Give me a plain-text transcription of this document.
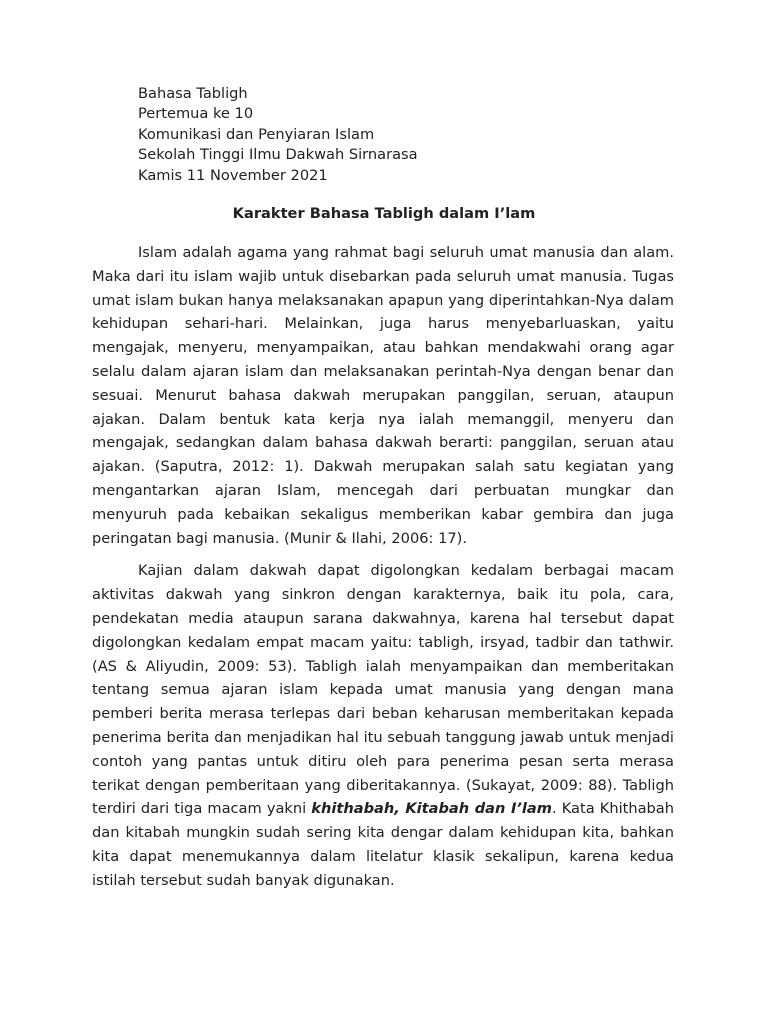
Bahasa Tabligh
Pertemua ke 10
Komunikasi dan Penyiaran Islam
Sekolah Tinggi Ilmu Dakwah Sirnarasa
Kamis 11 November 2021
Karakter Bahasa Tabligh dalam I’lam

Islam adalah agama yang rahmat bagi seluruh umat manusia dan alam. Maka dari itu islam wajib untuk disebarkan pada seluruh umat manusia. Tugas umat islam bukan hanya melaksanakan apapun yang diperintahkan-Nya dalam kehidupan sehari-hari. Melainkan, juga harus menyebarluaskan, yaitu mengajak, menyeru, menyampaikan, atau bahkan mendakwahi orang agar selalu dalam ajaran islam dan melaksanakan perintah-Nya dengan benar dan sesuai. Menurut bahasa dakwah merupakan panggilan, seruan, ataupun ajakan. Dalam bentuk kata kerja nya ialah memanggil, menyeru dan mengajak, sedangkan dalam bahasa dakwah berarti: panggilan, seruan atau ajakan. (Saputra, 2012: 1). Dakwah merupakan salah satu kegiatan yang mengantarkan ajaran Islam, mencegah dari perbuatan mungkar dan menyuruh pada kebaikan sekaligus memberikan kabar gembira dan juga peringatan bagi manusia. (Munir & Ilahi, 2006: 17).

Kajian dalam dakwah dapat digolongkan kedalam berbagai macam aktivitas dakwah yang sinkron dengan karakternya, baik itu pola, cara, pendekatan media ataupun sarana dakwahnya, karena hal tersebut dapat digolongkan kedalam empat macam yaitu: tabligh, irsyad, tadbir dan tathwir. (AS & Aliyudin, 2009: 53). Tabligh ialah menyampaikan dan memberitakan tentang semua ajaran islam kepada umat manusia yang dengan mana pemberi berita merasa terlepas dari beban keharusan memberitakan kepada penerima berita dan menjadikan hal itu sebuah tanggung jawab untuk menjadi contoh yang pantas untuk ditiru oleh para penerima pesan serta merasa terikat dengan pemberitaan yang diberitakannya. (Sukayat, 2009: 88). Tabligh terdiri dari tiga macam yakni khithabah, Kitabah dan I’lam. Kata Khithabah dan kitabah mungkin sudah sering kita dengar dalam kehidupan kita, bahkan kita dapat menemukannya dalam litelatur klasik sekalipun, karena kedua istilah tersebut sudah banyak digunakan.
